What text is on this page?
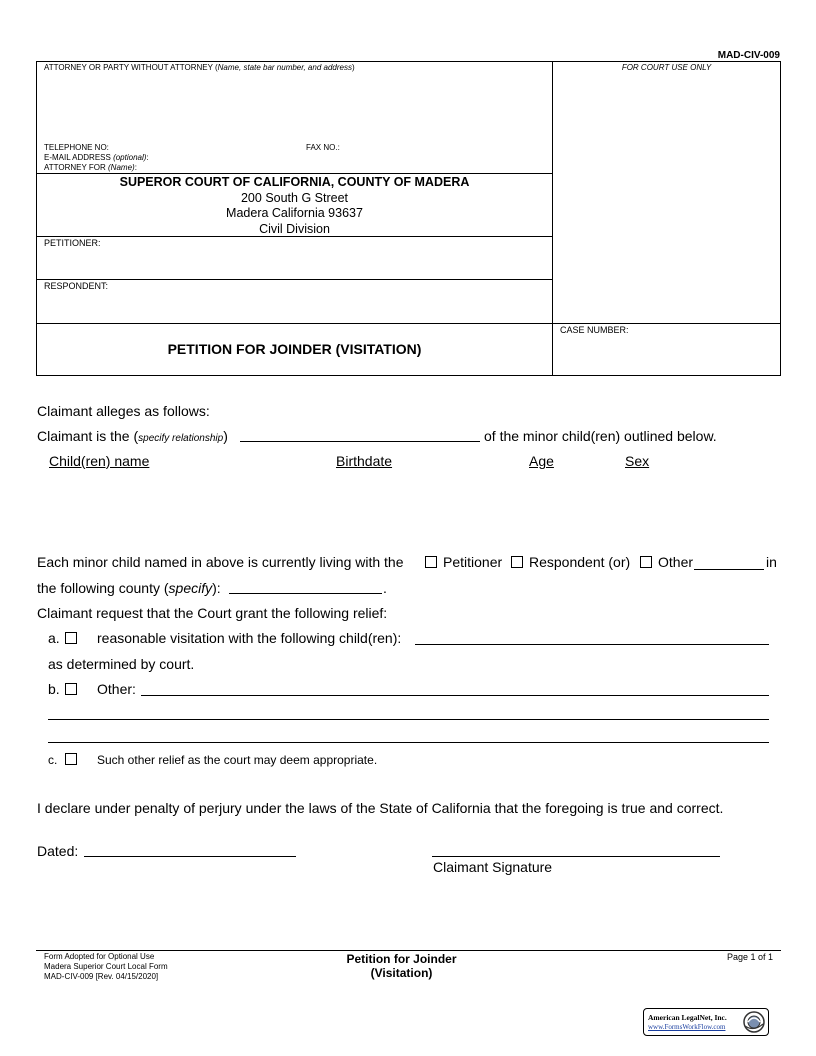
MAD-CIV-009
ATTORNEY OR PARTY WITHOUT ATTORNEY (Name, state bar number, and address)	FOR COURT USE ONLY
TELEPHONE NO:	FAX NO.:
E-MAIL ADDRESS (optional):
ATTORNEY FOR (Name):
SUPEROR COURT OF CALIFORNIA, COUNTY OF MADERA
200 South G Street
Madera California 93637
Civil Division
PETITIONER:
RESPONDENT:
CASE NUMBER:
PETITION FOR JOINDER (VISITATION)
Claimant alleges as follows:
Claimant is the (specify relationship)	of the minor child(ren) outlined below.
Child(ren) name	Birthdate	Age	Sex
Each minor child named in above is currently living with the	Petitioner Respondent (or) Other	in
the following county (specify):	.
Claimant request that the Court grant the following relief:
a.	reasonable visitation with the following child(ren):
as determined by court.
b.	Other:
c.	Such other relief as the court may deem appropriate.
I declare under penalty of perjury under the laws of the State of California that the foregoing is true and correct.
Dated:
Claimant Signature
Form Adopted for Optional Use
Madera Superior Court Local Form
MAD-CIV-009 [Rev. 04/15/2020]
Petition for Joinder
(Visitation)
Page 1 of 1
American LegalNet, Inc.
www.FormsWorkFlow.com
